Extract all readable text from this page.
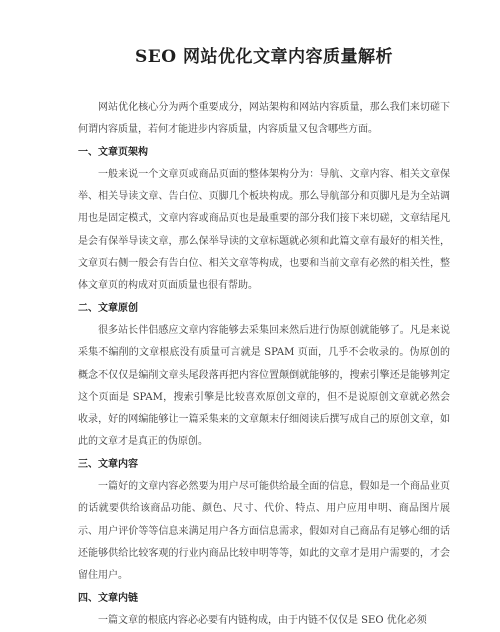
SEO 网站优化文章内容质量解析

网站优化核心分为两个重要成分，网站架构和网站内容质量，那么我们来切磋下何谓内容质量，若何才能进步内容质量，内容质量又包含哪些方面。

一、文章页架构

一般来说一个文章页或商品页面的整体架构分为：导航、文章内容、相关文章保举、相关导读文章、告白位、页脚几个板块构成。那么导航部分和页脚凡是为全站调用也是固定模式，文章内容或商品页也是最重要的部分我们接下来切磋，文章结尾凡是会有保举导读文章，那么保举导读的文章标题就必须和此篇文章有最好的相关性，文章页右侧一般会有告白位、相关文章等构成，也要和当前文章有必然的相关性，整体文章页的构成对页面质量也很有帮助。

二、文章原创

很多站长伴侣感应文章内容能够去采集回来然后进行伪原创就能够了。凡是来说采集不编削的文章根底没有质量可言就是 SPAM 页面，几乎不会收录的。伪原创的概念不仅仅是编削文章头尾段落再把内容位置颠倒就能够的，搜索引擎还是能够判定这个页面是 SPAM，搜索引擎是比较喜欢原创文章的，但不是说原创文章就必然会收录，好的网编能够让一篇采集来的文章颠末仔细阅读后撰写成自己的原创文章，如此的文章才是真正的伪原创。

三、文章内容

一篇好的文章内容必然要为用户尽可能供给最全面的信息，假如是一个商品业页的话就要供给该商品功能、颜色、尺寸、代价、特点、用户应用申明、商品图片展示、用户评价等等信息来满足用户各方面信息需求，假如对自己商品有足够心细的话还能够供给比较客观的行业内商品比较申明等等，如此的文章才是用户需要的，才会留住用户。

四、文章内链

一篇文章的根底内容必必要有内链构成，由于内链不仅仅是 SEO 优化必须
